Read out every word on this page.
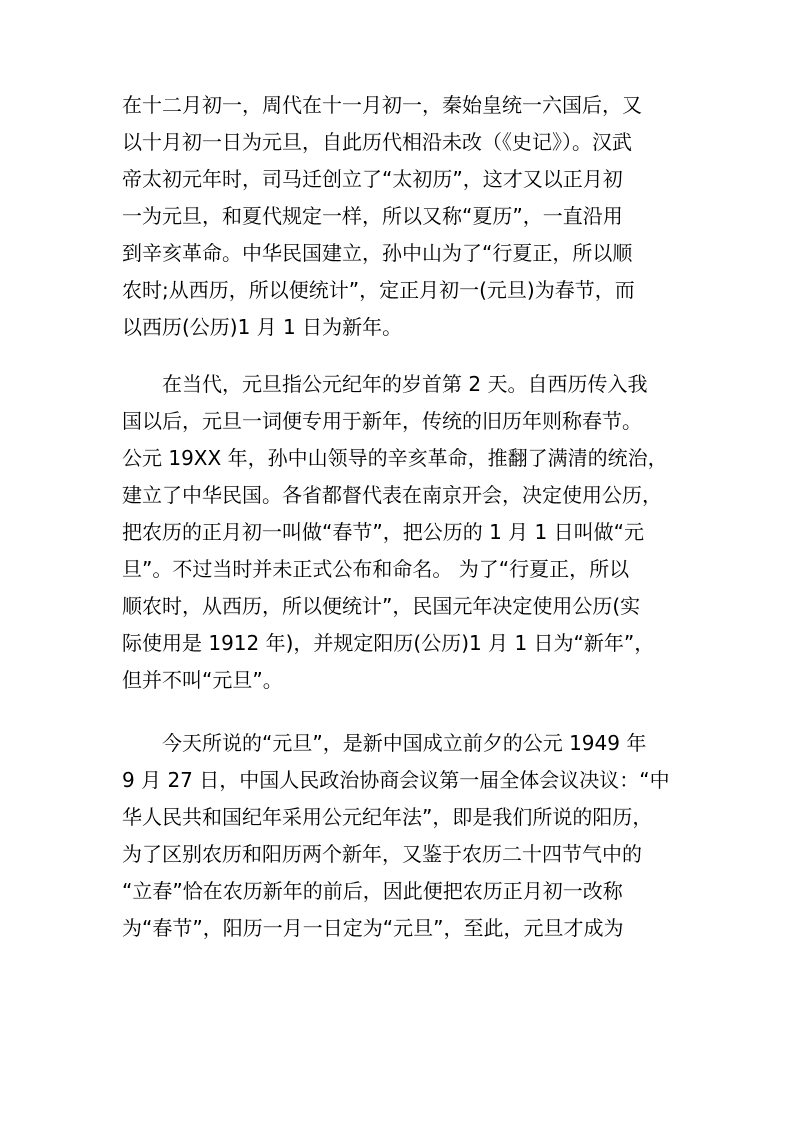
在十二月初一，周代在十一月初一，秦始皇统一六国后，又
以十月初一日为元旦，自此历代相沿未改（《史记》）。汉武
帝太初元年时，司马迁创立了“太初历”，这才又以正月初
一为元旦，和夏代规定一样，所以又称“夏历”，一直沿用
到辛亥革命。中华民国建立，孙中山为了“行夏正，所以顺
农时;从西历，所以便统计”，定正月初一(元旦)为春节，而
以西历(公历)1 月 1 日为新年。
在当代，元旦指公元纪年的岁首第 2 天。自西历传入我
国以后，元旦一词便专用于新年，传统的旧历年则称春节。
公元 19XX 年，孙中山领导的辛亥革命，推翻了满清的统治，
建立了中华民国。各省都督代表在南京开会，决定使用公历，
把农历的正月初一叫做“春节”，把公历的 1 月 1 日叫做“元
旦”。不过当时并未正式公布和命名。 为了“行夏正，所以
顺农时，从西历，所以便统计”，民国元年决定使用公历(实
际使用是 1912 年)，并规定阳历(公历)1 月 1 日为“新年”，
但并不叫“元旦”。
今天所说的“元旦”，是新中国成立前夕的公元 1949 年
9 月 27 日，中国人民政治协商会议第一届全体会议决议：“中
华人民共和国纪年采用公元纪年法”，即是我们所说的阳历，
为了区别农历和阳历两个新年，又鉴于农历二十四节气中的
“立春”恰在农历新年的前后，因此便把农历正月初一改称
为“春节”，阳历一月一日定为“元旦”，至此，元旦才成为
